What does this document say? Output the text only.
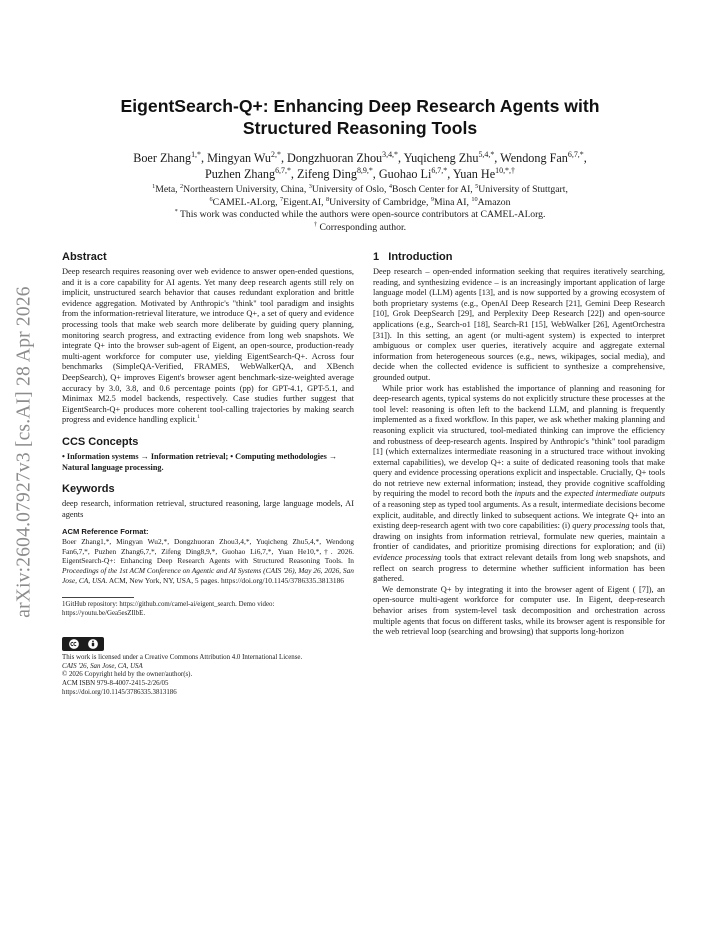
arXiv:2604.07927v3 [cs.AI] 28 Apr 2026
EigentSearch-Q+: Enhancing Deep Research Agents with
Structured Reasoning Tools
Boer Zhang$^{1,*}$, Mingyan $Wu^{2,*}$, Dongzhuoran Zhou$^{3,4,*}$, Yuqicheng Zhu$^{5,4,*}$, Wendong Fan$^{6,7,*}$,
Puzhen Zhang$^{6,7,*}$, Zifeng Ding$^{8,9,*}$, Guohao $Li^{6,7,*}$, Yuan $He^{10,*,\dagger}$
$^1$Meta, $^2$Northeastern University, China, $^3$University of Oslo, $^4$Bosch Center for AI, $^5$University of Stuttgart,
$^6$CAMEL-AI.org, $^7$Eigent.AI, $^8$University of Cambridge, $^9$Mina AI, $^{10}$Amazon
* This work was conducted while the authors were open-source contributors at CAMEL-AI.org.
† Corresponding author.
Abstract

Deep research requires reasoning over web evidence to answer open-ended questions, and it is a core capability for AI agents. Yet many deep research agents still rely on implicit, unstructured search behavior that causes redundant exploration and brittle evidence aggregation. Motivated by Anthropic's "think" tool paradigm and insights from the information-retrieval literature, we introduce Q+, a set of query and evidence processing tools that make web search more deliberate by guiding query planning, monitoring search progress, and extracting evidence from long web snapshots. We integrate Q+ into the browser sub-agent of Eigent, an open-source, production-ready multi-agent workforce for computer use, yielding EigentSearch-Q+. Across four benchmarks (SimpleQA-Verified, FRAMES, WebWalkerQA, and XBench DeepSearch), Q+ improves Eigent's browser agent benchmark-size-weighted average accuracy by 3.0, 3.8, and 0.6 percentage points (pp) for GPT-4.1, GPT-5.1, and Minimax M2.5 model backends, respectively. Case studies further suggest that EigentSearch-Q+ produces more coherent tool-calling trajectories by making search progress and evidence handling explicit.$^1$

CCS Concepts
• Information systems → Information retrieval; • Computing methodologies → Natural language processing.
Keywords

deep research, information retrieval, structured reasoning, large language models, AI agents

ACM Reference Format:
Boer Zhang1,*, Mingyan Wu2,*, Dongzhuoran Zhou3,4,*, Yuqicheng Zhu5,4,*, Wendong Fan6,7,*, Puzhen Zhang6,7,*, Zifeng Ding8,9,*, Guohao Li6,7,*, Yuan He10,*,†. 2026. EigentSearch-Q+: Enhancing Deep Research Agents with Structured Reasoning Tools. In Proceedings of the 1st ACM Conference on Agentic and AI Systems (CAIS '26), May 26, 2026, San Jose, CA, USA. ACM, New York, NY, USA, 5 pages. https://doi.org/10.1145/3786335.3813186
1GitHub repository: https://github.com/camel-ai/eigent_search. Demo video: https://youtu.be/Gea5esZIlbE.
This work is licensed under a Creative Commons Attribution 4.0 International License.
CAIS '26, San Jose, CA, USA
© 2026 Copyright held by the owner/author(s).
ACM ISBN 979-8-4007-2415-2/26/05
https://doi.org/10.1145/3786335.3813186
1   Introduction

Deep research – open-ended information seeking that requires iteratively searching, reading, and synthesizing evidence – is an increasingly important application of large language model (LLM) agents [13], and is now supported by a growing ecosystem of both proprietary systems (e.g., OpenAI Deep Research [21], Gemini Deep Research [10], Grok DeepSearch [29], and Perplexity Deep Research [22]) and open-source applications (e.g., Search-o1 [18], Search-R1 [15], WebWalker [26], AgentOrchestra [31]). In this setting, an agent (or multi-agent system) is expected to interpret ambiguous or complex user queries, iteratively acquire and aggregate external information from heterogeneous sources (e.g., news, wikipages, social media), and decide when the collected evidence is sufficient to synthesize a comprehensive, grounded output.

While prior work has established the importance of planning and reasoning for deep-research agents, typical systems do not explicitly structure these processes at the tool level: reasoning is often left to the backend LLM, and planning is frequently implemented as a fixed workflow. In this paper, we ask whether making planning and reasoning explicit via structured, tool-mediated thinking can improve the efficiency and robustness of deep-research agents. Inspired by Anthropic's "think" tool paradigm [1] (which externalizes intermediate reasoning in a structured trace without invoking external capabilities), we develop Q+: a suite of dedicated reasoning tools that make query and evidence processing operations explicit and inspectable. Crucially, Q+ tools do not retrieve new external information; instead, they provide cognitive scaffolding by requiring the model to record both the inputs and the expected intermediate outputs of a reasoning step as typed tool arguments. As a result, intermediate decisions become explicit, auditable, and directly linked to subsequent actions. We integrate Q+ into an existing deep-research agent with two core capabilities: (i) query processing tools that, drawing on insights from information retrieval, formulate new queries, maintain a frontier of candidates, and prioritize promising directions for exploration; and (ii) evidence processing tools that extract relevant details from long web snapshots, and reflect on search progress to determine whether sufficient information has been gathered.

We demonstrate Q+ by integrating it into the browser agent of Eigent ( [7]), an open-source multi-agent workforce for computer use. In Eigent, deep-research behavior arises from system-level task decomposition and orchestration across multiple agents that focus on different tasks, while its browser agent is responsible for the web retrieval loop (searching and browsing) that supports long-horizon
